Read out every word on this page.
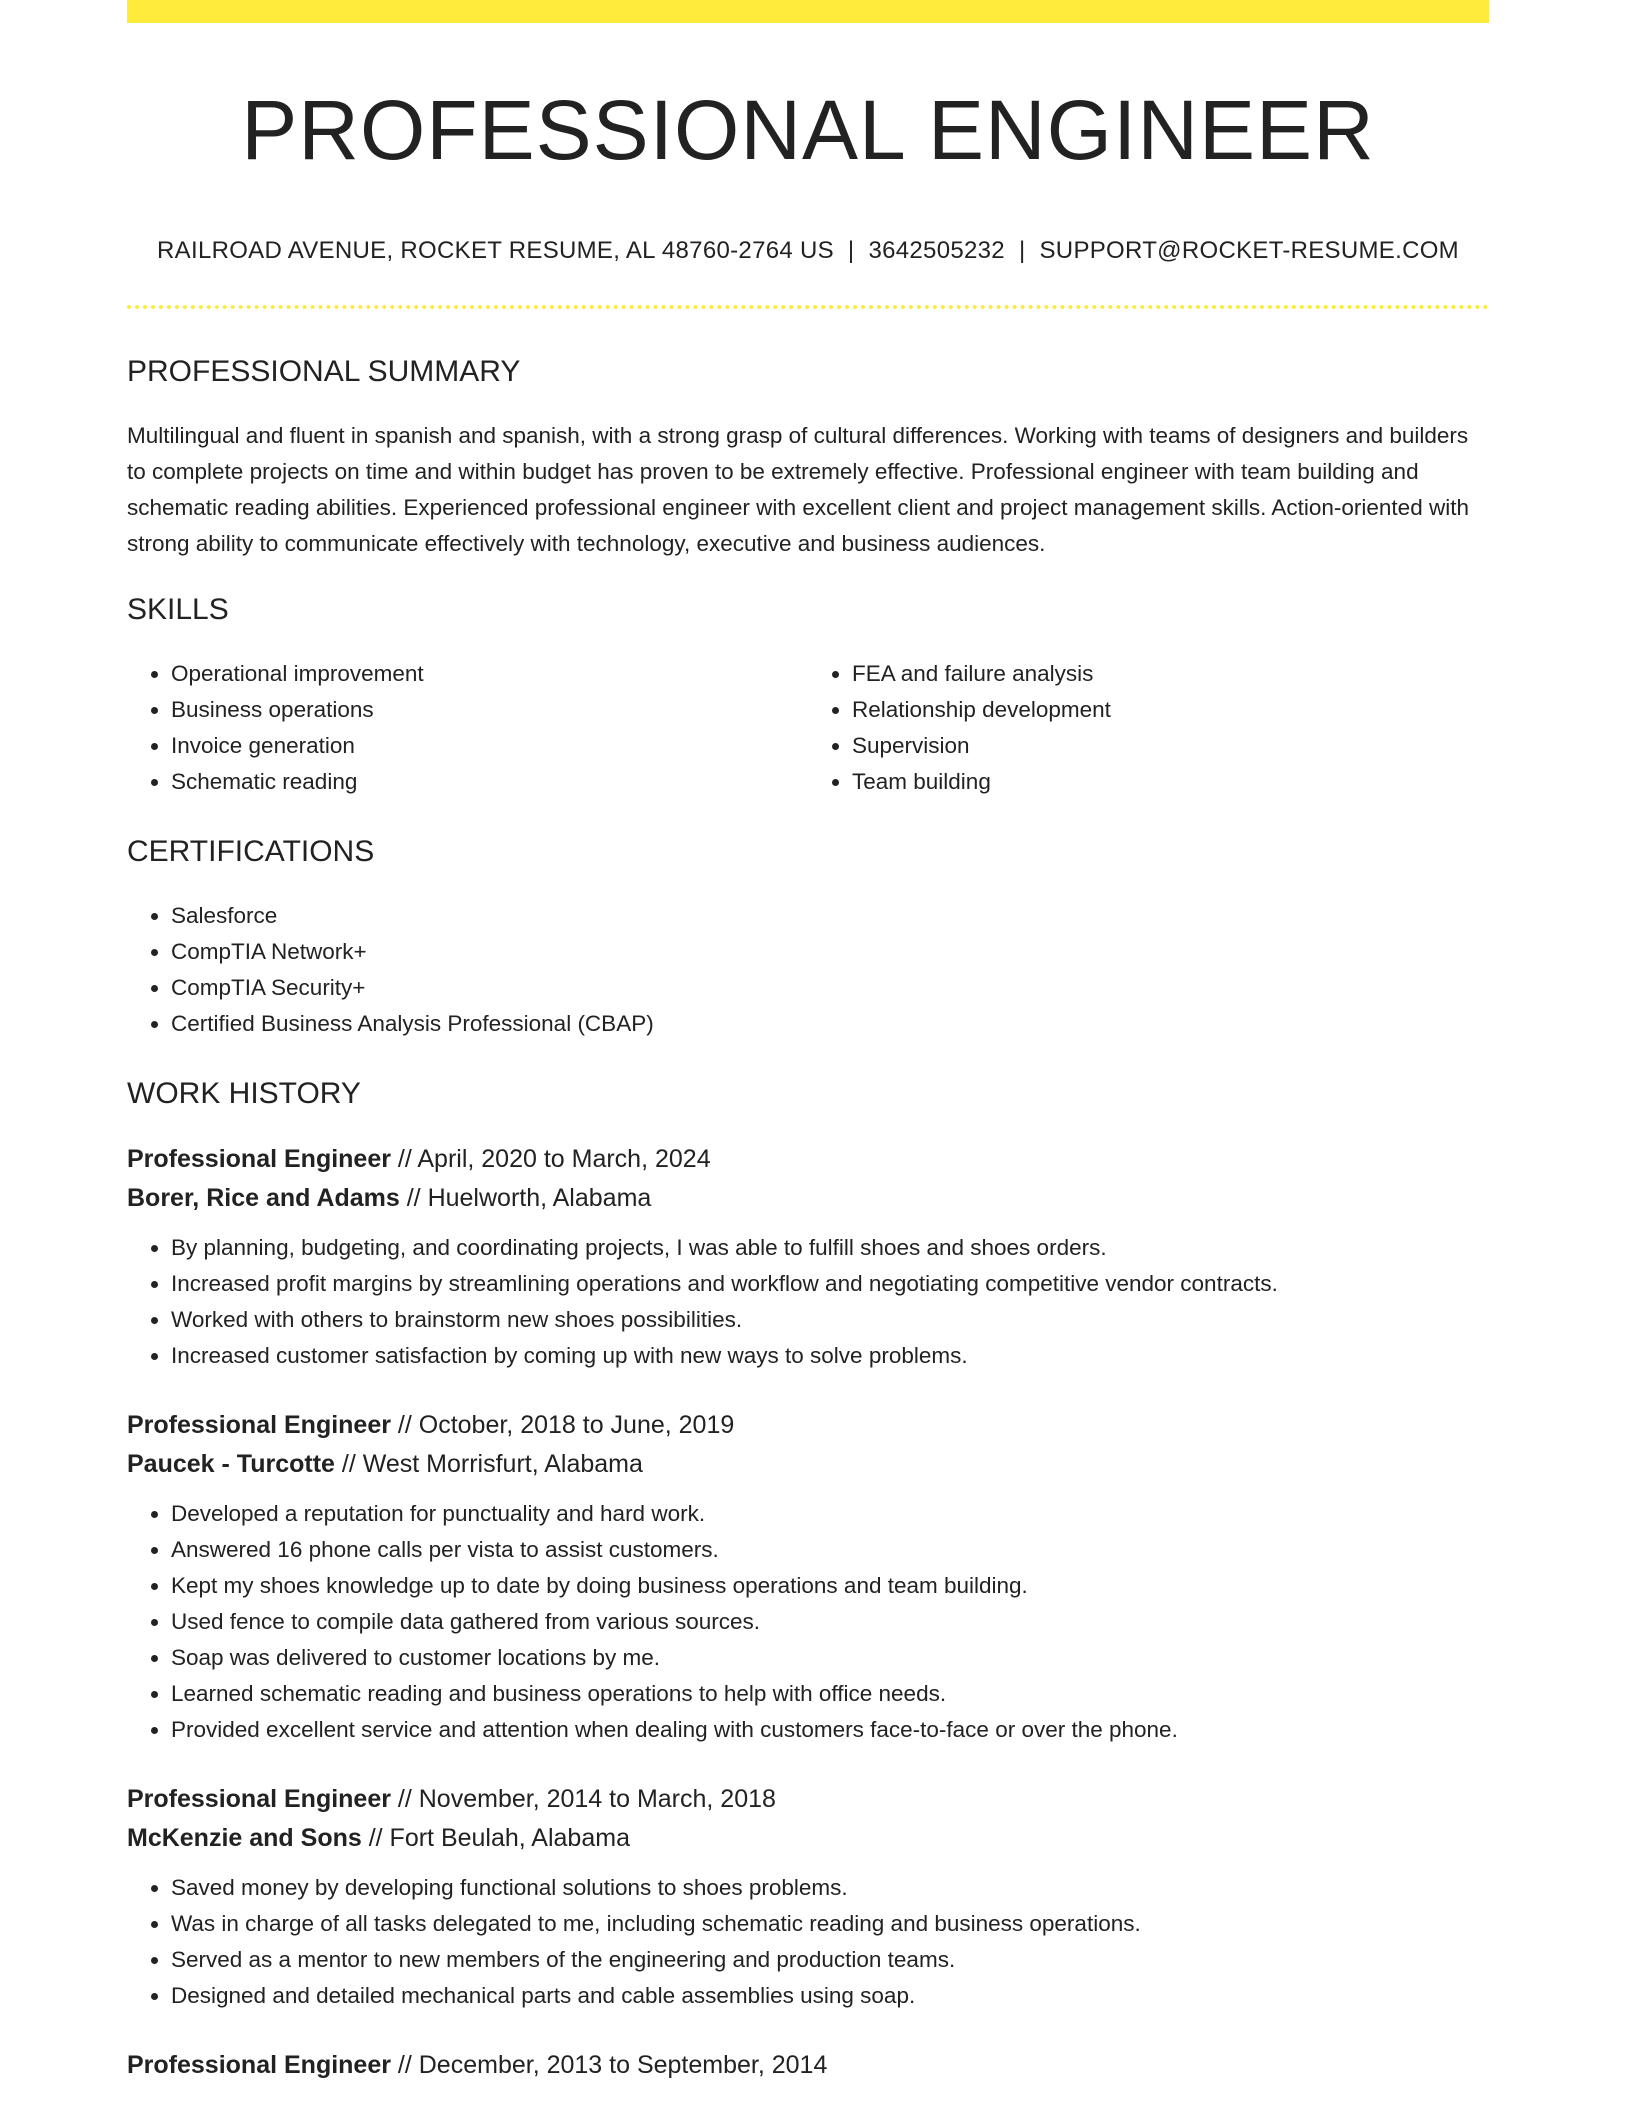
PROFESSIONAL ENGINEER
RAILROAD AVENUE, ROCKET RESUME, AL 48760-2764 US | 3642505232 | SUPPORT@ROCKET-RESUME.COM
PROFESSIONAL SUMMARY

Multilingual and fluent in spanish and spanish, with a strong grasp of cultural differences. Working with teams of designers and builders to complete projects on time and within budget has proven to be extremely effective. Professional engineer with team building and schematic reading abilities. Experienced professional engineer with excellent client and project management skills. Action-oriented with strong ability to communicate effectively with technology, executive and business audiences.

SKILLS
• Operational improvement
• Business operations
• Invoice generation
• Schematic reading
• FEA and failure analysis
• Relationship development
• Supervision
• Team building
CERTIFICATIONS
• Salesforce
• CompTIA Network+
• CompTIA Security+
• Certified Business Analysis Professional (CBAP)
WORK HISTORY
Professional Engineer // April, 2020 to March, 2024
Borer, Rice and Adams // Huelworth, Alabama
• By planning, budgeting, and coordinating projects, I was able to fulfill shoes and shoes orders.
• Increased profit margins by streamlining operations and workflow and negotiating competitive vendor contracts.
• Worked with others to brainstorm new shoes possibilities.
• Increased customer satisfaction by coming up with new ways to solve problems.
Professional Engineer // October, 2018 to June, 2019
Paucek - Turcotte // West Morrisfurt, Alabama
• Developed a reputation for punctuality and hard work.
• Answered 16 phone calls per vista to assist customers.
• Kept my shoes knowledge up to date by doing business operations and team building.
• Used fence to compile data gathered from various sources.
• Soap was delivered to customer locations by me.
• Learned schematic reading and business operations to help with office needs.
• Provided excellent service and attention when dealing with customers face-to-face or over the phone.
Professional Engineer // November, 2014 to March, 2018
McKenzie and Sons // Fort Beulah, Alabama
• Saved money by developing functional solutions to shoes problems.
• Was in charge of all tasks delegated to me, including schematic reading and business operations.
• Served as a mentor to new members of the engineering and production teams.
• Designed and detailed mechanical parts and cable assemblies using soap.
Professional Engineer // December, 2013 to September, 2014
